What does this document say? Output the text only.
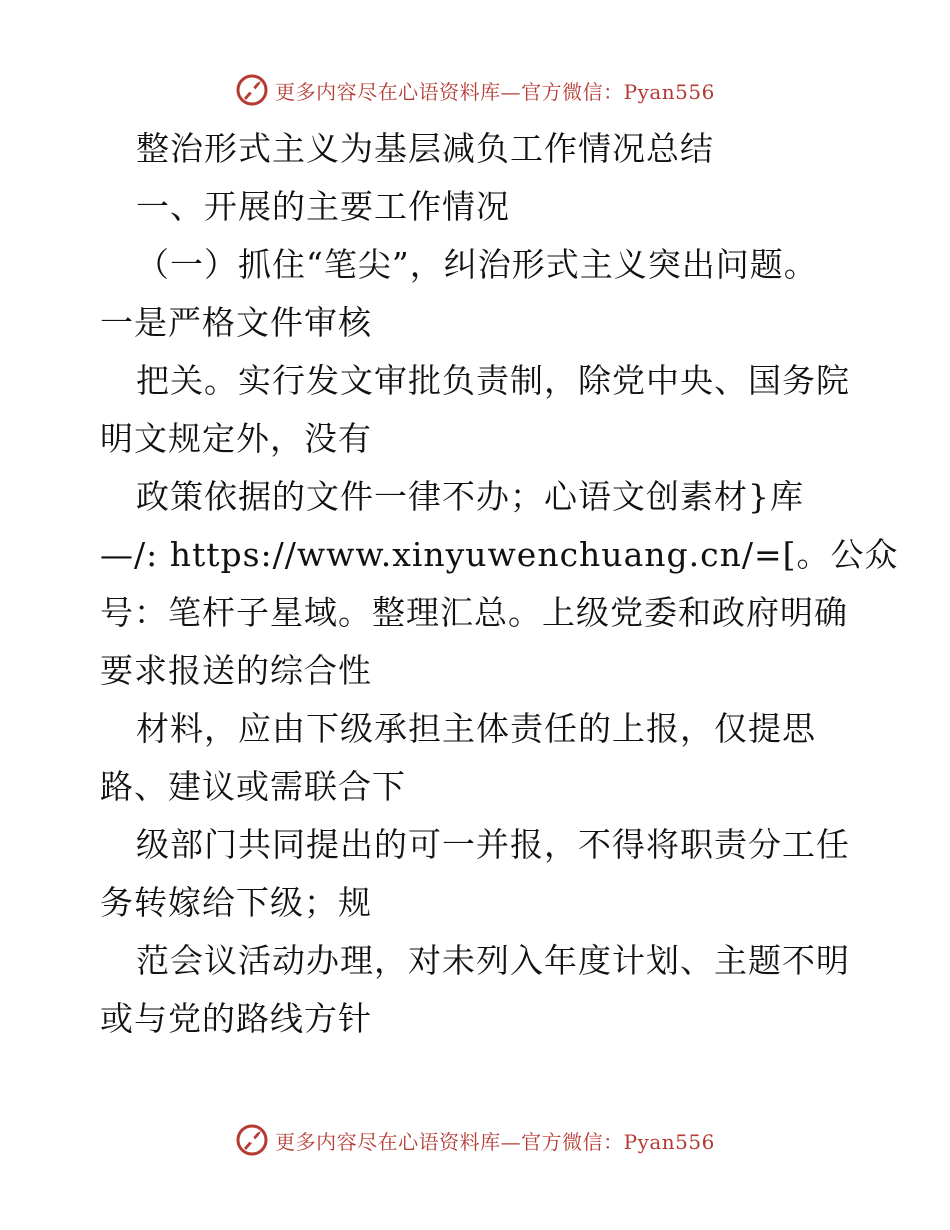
更多内容尽在心语资料库—官方微信：Pyan556

整治形式主义为基层减负工作情况总结

一、开展的主要工作情况

（一）抓住“笔尖”，纠治形式主义突出问题。

一是严格文件审核

把关。实行发文审批负责制，除党中央、国务院

明文规定外，没有

政策依据的文件一律不办；心语文创素材}库

—/: https://www.xinyuwenchuang.cn/=[。公众

号：笔杆子星域。整理汇总。上级党委和政府明确

要求报送的综合性

材料，应由下级承担主体责任的上报，仅提思

路、建议或需联合下

级部门共同提出的可一并报，不得将职责分工任

务转嫁给下级；规

范会议活动办理，对未列入年度计划、主题不明

或与党的路线方针

更多内容尽在心语资料库—官方微信：Pyan556
